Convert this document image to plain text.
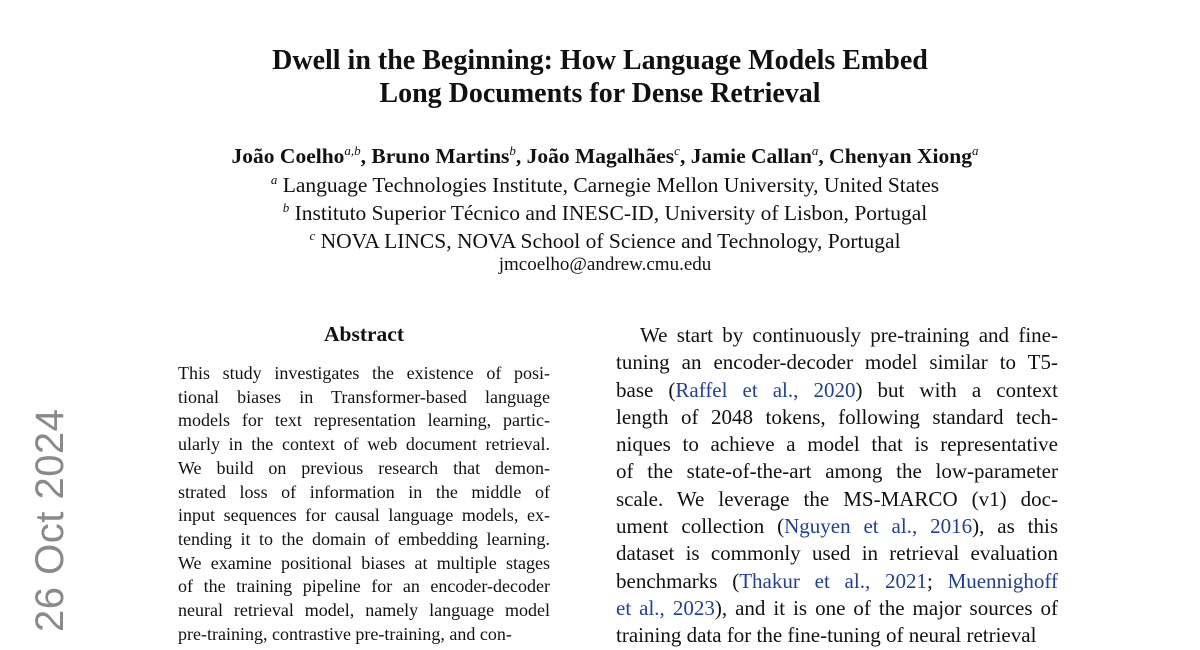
26 Oct 2024
Dwell in the Beginning: How Language Models Embed
Long Documents for Dense Retrieval
João Coelho$^{a,b}$, Bruno Martins$^b$, João Magalhães$^c$, Jamie Callan$^a$, Chenyan Xiong$^a$
$^a$ Language Technologies Institute, Carnegie Mellon University, United States
$^b$ Instituto Superior Técnico and INESC-ID, University of Lisbon, Portugal
$^c$ NOVA LINCS, NOVA School of Science and Technology, Portugal
jmcoelho@andrew.cmu.edu
Abstract
This study investigates the existence of posi-
tional biases in Transformer-based language
models for text representation learning, partic-
ularly in the context of web document retrieval.
We build on previous research that demon-
strated loss of information in the middle of
input sequences for causal language models, ex-
tending it to the domain of embedding learning.
We examine positional biases at multiple stages
of the training pipeline for an encoder-decoder
neural retrieval model, namely language model
pre-training, contrastive pre-training, and con-
We start by continuously pre-training and fine-
tuning an encoder-decoder model similar to T5-
base (Raffel et al., 2020) but with a context
length of 2048 tokens, following standard tech-
niques to achieve a model that is representative
of the state-of-the-art among the low-parameter
scale. We leverage the MS-MARCO (v1) doc-
ument collection (Nguyen et al., 2016), as this
dataset is commonly used in retrieval evaluation
benchmarks (Thakur et al., 2021; Muennighoff
et al., 2023), and it is one of the major sources of
training data for the fine-tuning of neural retrieval
